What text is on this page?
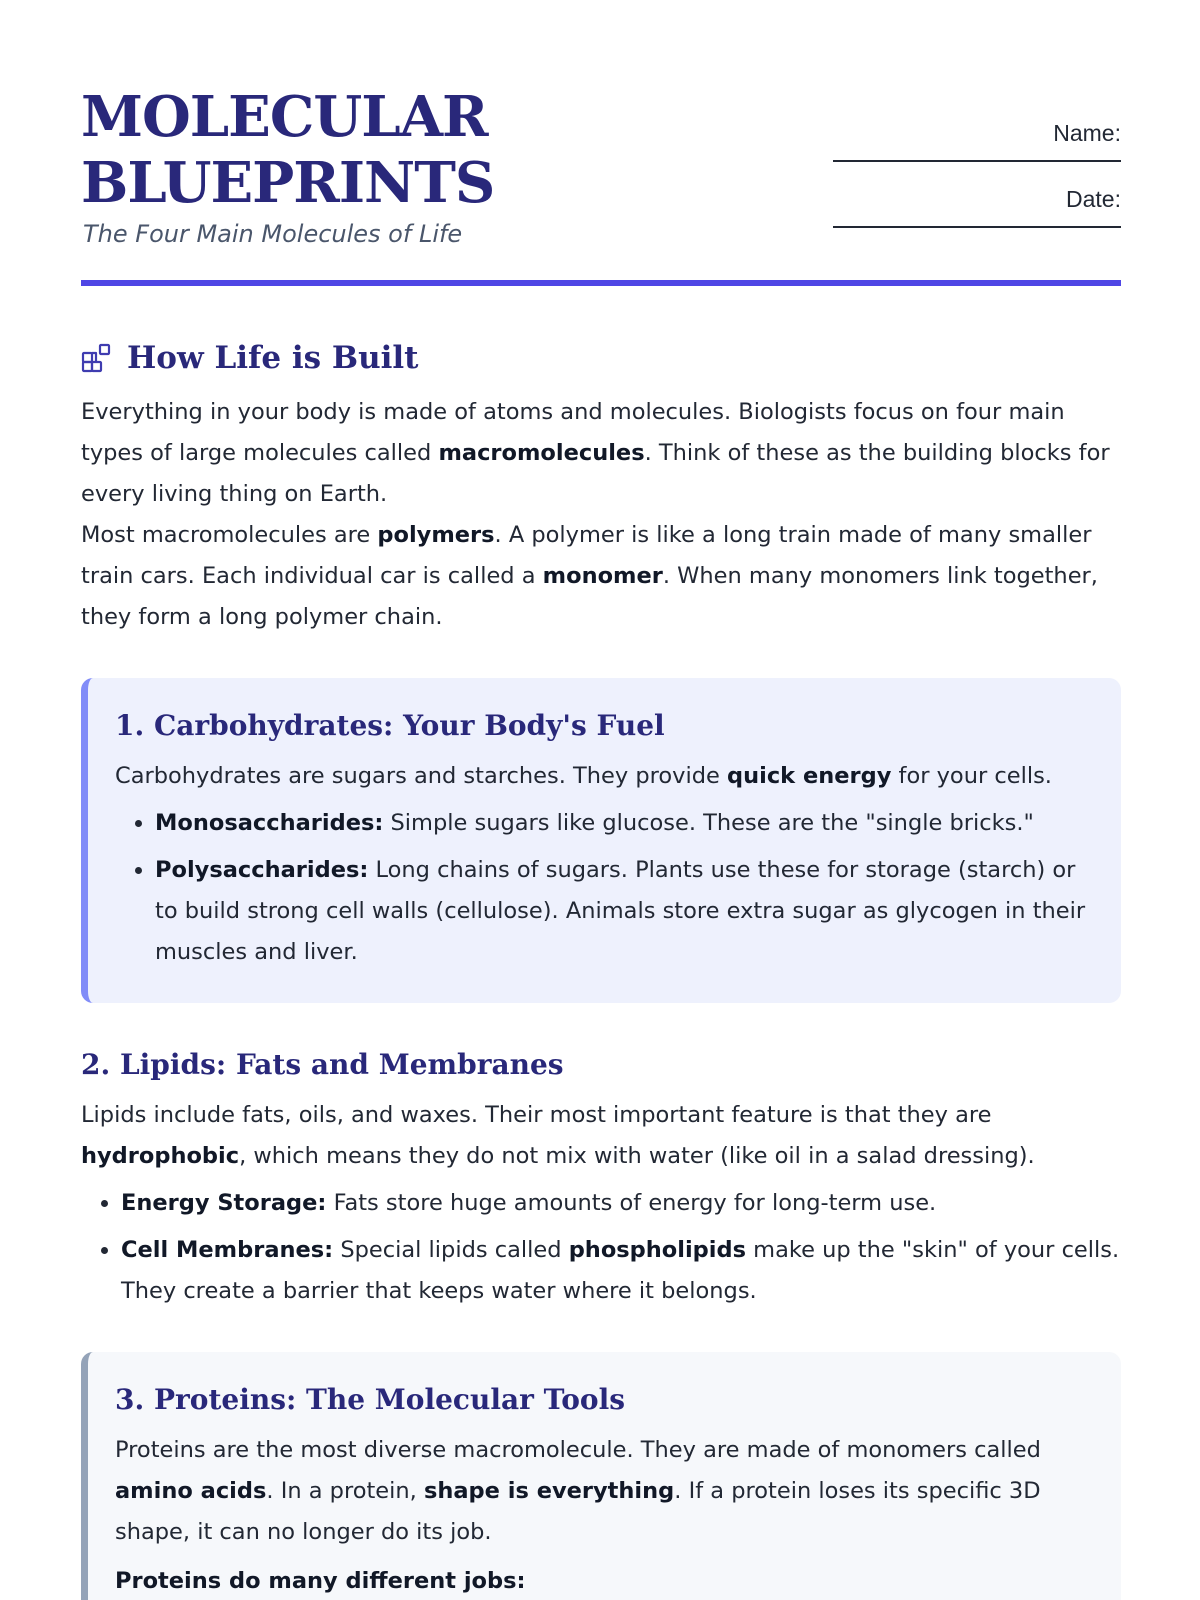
MOLECULAR
BLUEPRINTS
The Four Main Molecules of Life
Name:
Date:
How Life is Built

Everything in your body is made of atoms and molecules. Biologists focus on four main types of large molecules called macromolecules. Think of these as the building blocks for every living thing on Earth.

Most macromolecules are polymers. A polymer is like a long train made of many smaller train cars. Each individual car is called a monomer. When many monomers link together, they form a long polymer chain.

1. Carbohydrates: Your Body's Fuel

Carbohydrates are sugars and starches. They provide quick energy for your cells.

• Monosaccharides: Simple sugars like glucose. These are the "single bricks."
• Polysaccharides: Long chains of sugars. Plants use these for storage (starch) or to build strong cell walls (cellulose). Animals store extra sugar as glycogen in their muscles and liver.
2. Lipids: Fats and Membranes

Lipids include fats, oils, and waxes. Their most important feature is that they are hydrophobic, which means they do not mix with water (like oil in a salad dressing).

• Energy Storage: Fats store huge amounts of energy for long-term use.
• Cell Membranes: Special lipids called phospholipids make up the "skin" of your cells. They create a barrier that keeps water where it belongs.
3. Proteins: The Molecular Tools

Proteins are the most diverse macromolecule. They are made of monomers called amino acids. In a protein, shape is everything. If a protein loses its specific 3D shape, it can no longer do its job.

Proteins do many different jobs:
